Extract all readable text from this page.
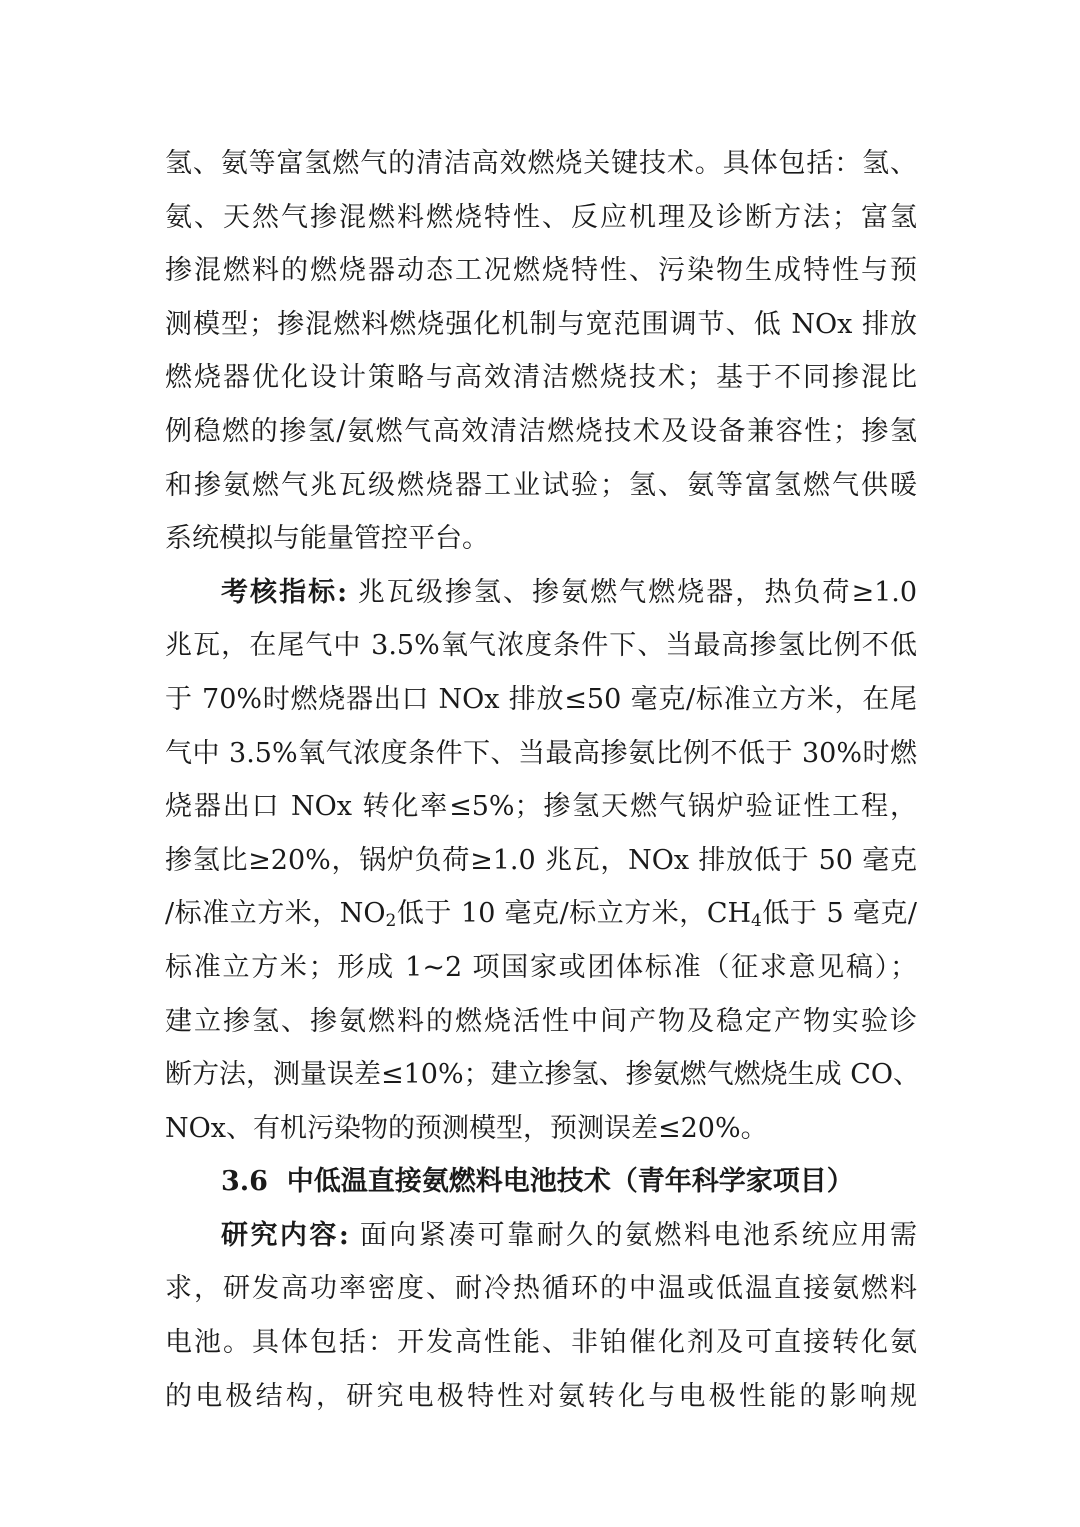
氢、氨等富氢燃气的清洁高效燃烧关键技术。具体包括：氢、
氨、天然气掺混燃料燃烧特性、反应机理及诊断方法；富氢
掺混燃料的燃烧器动态工况燃烧特性、污染物生成特性与预
测模型；掺混燃料燃烧强化机制与宽范围调节、低 NOx 排放
燃烧器优化设计策略与高效清洁燃烧技术；基于不同掺混比
例稳燃的掺氢/氨燃气高效清洁燃烧技术及设备兼容性；掺氢
和掺氨燃气兆瓦级燃烧器工业试验；氢、氨等富氢燃气供暖
系统模拟与能量管控平台。
考核指标: 兆瓦级掺氢、掺氨燃气燃烧器，热负荷≥1.0
兆瓦，在尾气中 3.5%氧气浓度条件下、当最高掺氢比例不低
于 70%时燃烧器出口 NOx 排放≤50 毫克/标准立方米，在尾
气中 3.5%氧气浓度条件下、当最高掺氨比例不低于 30%时燃
烧器出口 NOx 转化率≤5%；掺氢天燃气锅炉验证性工程，
掺氢比≥20%，锅炉负荷≥1.0 兆瓦，NOx 排放低于 50 毫克
/标准立方米，$NO_2$低于 10 毫克/标立方米，$CH_4$低于 5 毫克/
标准立方米；形成 1~2 项国家或团体标准（征求意见稿）；
建立掺氢、掺氨燃料的燃烧活性中间产物及稳定产物实验诊
断方法，测量误差≤10%；建立掺氢、掺氨燃气燃烧生成 CO、
NOx、有机污染物的预测模型，预测误差≤20%。
3.6 中低温直接氨燃料电池技术（青年科学家项目）
研究内容: 面向紧凑可靠耐久的氨燃料电池系统应用需
求，研发高功率密度、耐冷热循环的中温或低温直接氨燃料
电池。具体包括：开发高性能、非铂催化剂及可直接转化氨
的电极结构，研究电极特性对氨转化与电极性能的影响规
